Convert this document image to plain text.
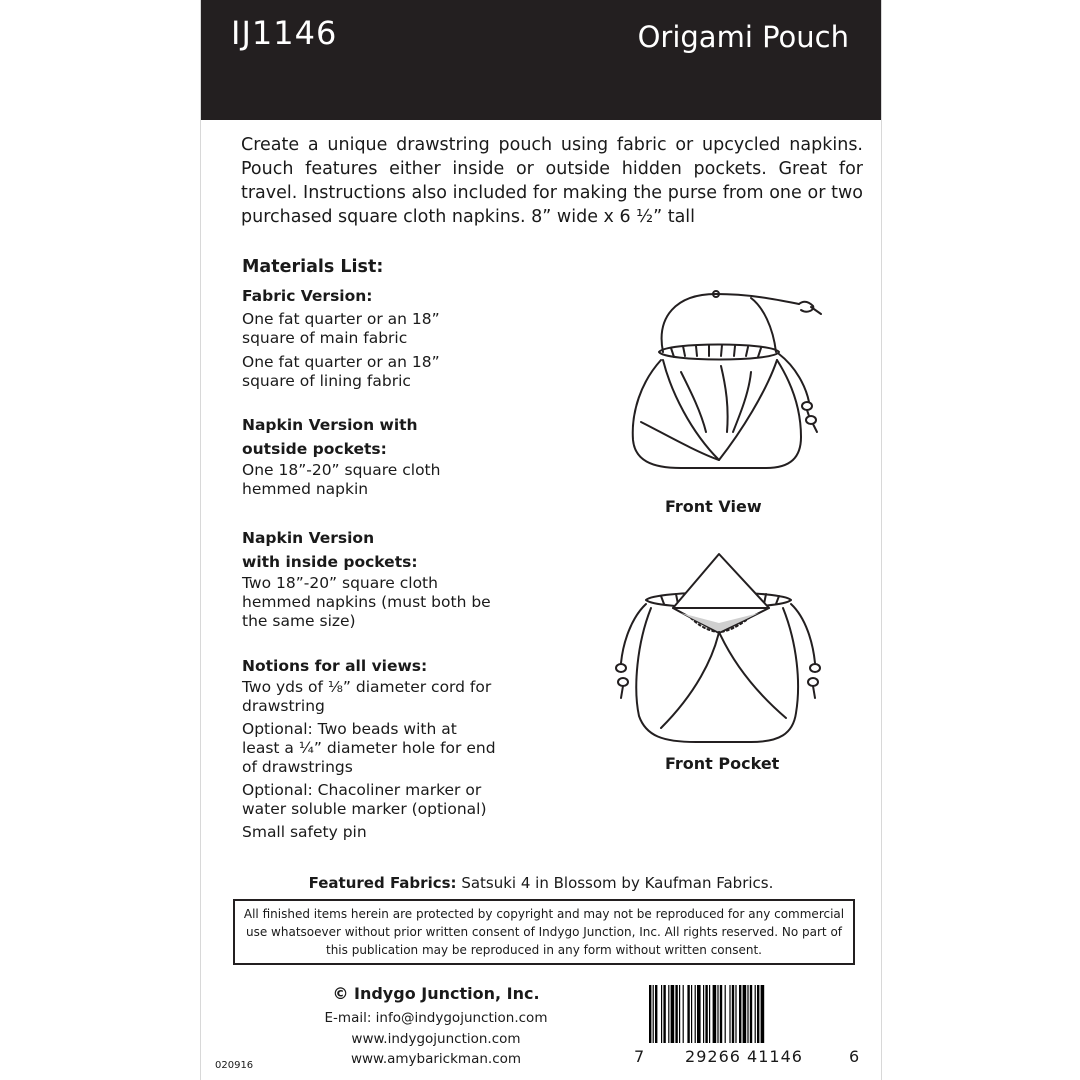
IJ1146	Origami Pouch
Create a unique drawstring pouch using fabric or upcycled napkins. Pouch features either inside or outside hidden pockets. Great for travel. Instructions also included for making the purse from one or two purchased square cloth napkins. 8” wide x 6 ½” tall
Materials List:
Fabric Version:
One fat quarter or an 18” square of main fabric
One fat quarter or an 18” square of lining fabric
Napkin Version with
outside pockets:
One 18”-20” square cloth hemmed napkin
Napkin Version
with inside pockets:
Two 18”-20” square cloth hemmed napkins (must both be the same size)
Notions for all views:
Two yds of ⅛” diameter cord for drawstring
Optional: Two beads with at least a ¼” diameter hole for end of drawstrings
Optional: Chacoliner marker or water soluble marker (optional)
Small safety pin
Front View
Front Pocket
Featured Fabrics: Satsuki 4 in Blossom by Kaufman Fabrics.
All finished items herein are protected by copyright and may not be reproduced for any commercial use whatsoever without prior written consent of Indygo Junction, Inc. All rights reserved. No part of this publication may be reproduced in any form without written consent.
© Indygo Junction, Inc.
E-mail: info@indygojunction.com
www.indygojunction.com
www.amybarickman.com
020916	7	29266 41146	6
